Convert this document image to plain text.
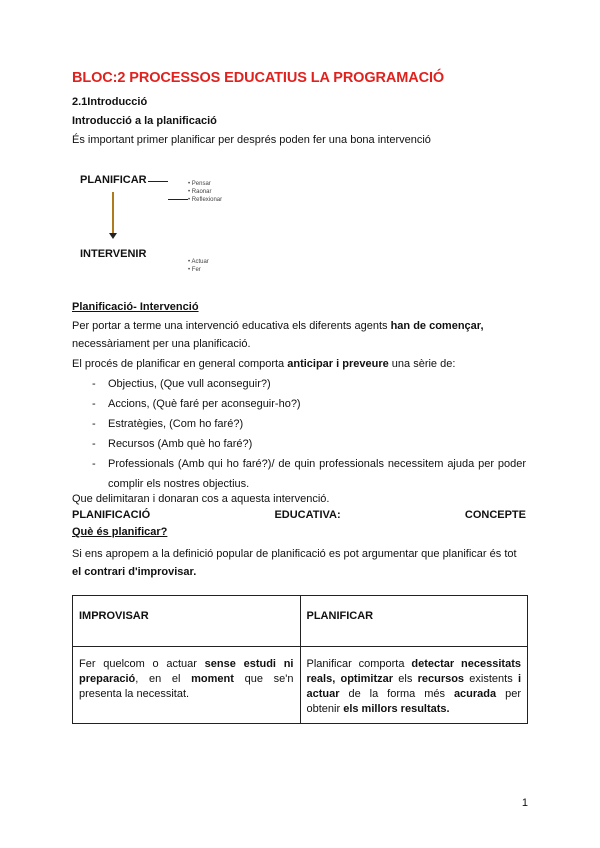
BLOC:2 PROCESSOS EDUCATIUS LA PROGRAMACIÓ
2.1Introducció
Introducció a la planificació
És important primer planificar per després poden fer una bona intervenció
PLANIFICAR	• Pensar
• Raonar
• Reflexionar
INTERVENIR
• Actuar
• Fer
Planificació- Intervenció
Per portar a terme una intervenció educativa els diferents agents han de començar,
necessàriament per una planificació.
El procés de planificar en general comporta anticipar i preveure una sèrie de:
- Objectius, (Que vull aconseguir?)
- Accions, (Què faré per aconseguir-ho?)
- Estratègies, (Com ho faré?)
- Recursos (Amb què ho faré?)
- Professionals (Amb qui ho faré?)/ de quin professionals necessitem ajuda per poder complir els nostres objectius.
Que delimitaran i donaran cos a aquesta intervenció.
PLANIFICACIÓ	EDUCATIVA:	CONCEPTE
Què és planificar?
Si ens apropem a la definició popular de planificació es pot argumentar que planificar és tot
el contrari d'improvisar.
IMPROVISAR	PLANIFICAR
Fer quelcom o actuar sense estudi ni preparació, en el moment que se'n presenta la necessitat.	Planificar comporta detectar necessitats reals, optimitzar els recursos existents i actuar de la forma més acurada per obtenir els millors resultats.
1
